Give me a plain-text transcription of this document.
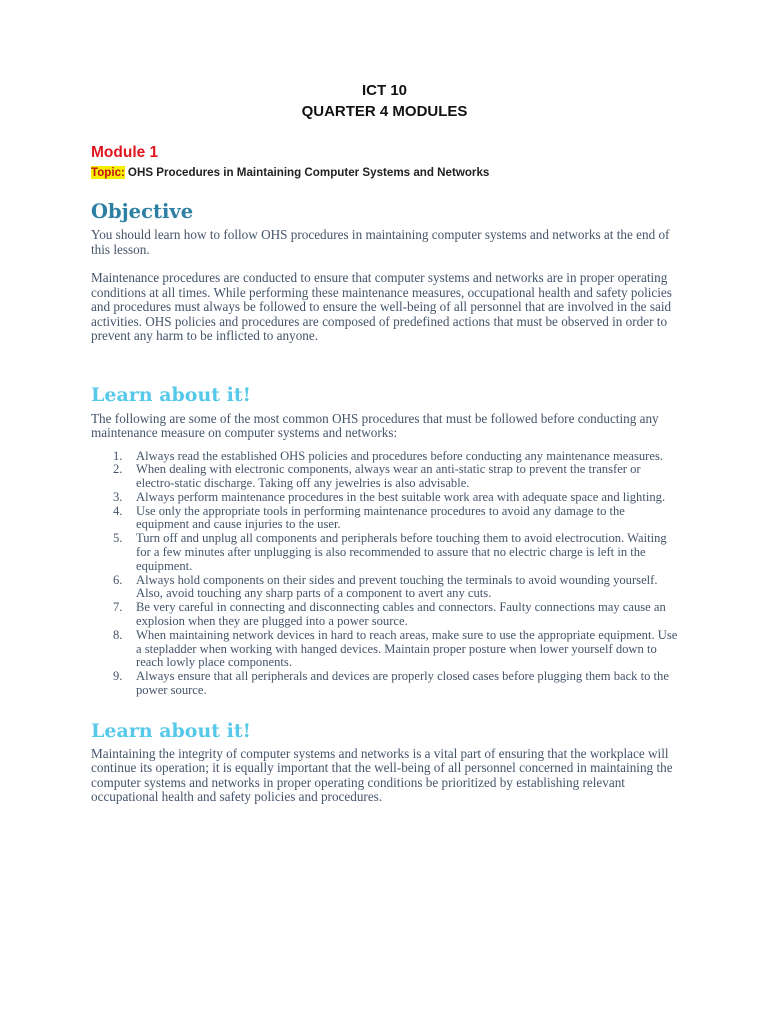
ICT 10
QUARTER 4 MODULES
Module 1
Topic: OHS Procedures in Maintaining Computer Systems and Networks
Objective

You should learn how to follow OHS procedures in maintaining computer systems and networks at the end of this lesson.

Maintenance procedures are conducted to ensure that computer systems and networks are in proper operating conditions at all times. While performing these maintenance measures, occupational health and safety policies and procedures must always be followed to ensure the well-being of all personnel that are involved in the said activities. OHS policies and procedures are composed of predefined actions that must be observed in order to prevent any harm to be inflicted to anyone.

Learn about it!

The following are some of the most common OHS procedures that must be followed before conducting any maintenance measure on computer systems and networks:

1. Always read the established OHS policies and procedures before conducting any maintenance measures.
2. When dealing with electronic components, always wear an anti-static strap to prevent the transfer or electro-static discharge. Taking off any jewelries is also advisable.
3. Always perform maintenance procedures in the best suitable work area with adequate space and lighting.
4. Use only the appropriate tools in performing maintenance procedures to avoid any damage to the equipment and cause injuries to the user.
5. Turn off and unplug all components and peripherals before touching them to avoid electrocution. Waiting for a few minutes after unplugging is also recommended to assure that no electric charge is left in the equipment.
6. Always hold components on their sides and prevent touching the terminals to avoid wounding yourself. Also, avoid touching any sharp parts of a component to avert any cuts.
7. Be very careful in connecting and disconnecting cables and connectors. Faulty connections may cause an explosion when they are plugged into a power source.
8. When maintaining network devices in hard to reach areas, make sure to use the appropriate equipment. Use a stepladder when working with hanged devices. Maintain proper posture when lower yourself down to reach lowly place components.
9. Always ensure that all peripherals and devices are properly closed cases before plugging them back to the power source.
Learn about it!

Maintaining the integrity of computer systems and networks is a vital part of ensuring that the workplace will continue its operation; it is equally important that the well-being of all personnel concerned in maintaining the computer systems and networks in proper operating conditions be prioritized by establishing relevant occupational health and safety policies and procedures.
